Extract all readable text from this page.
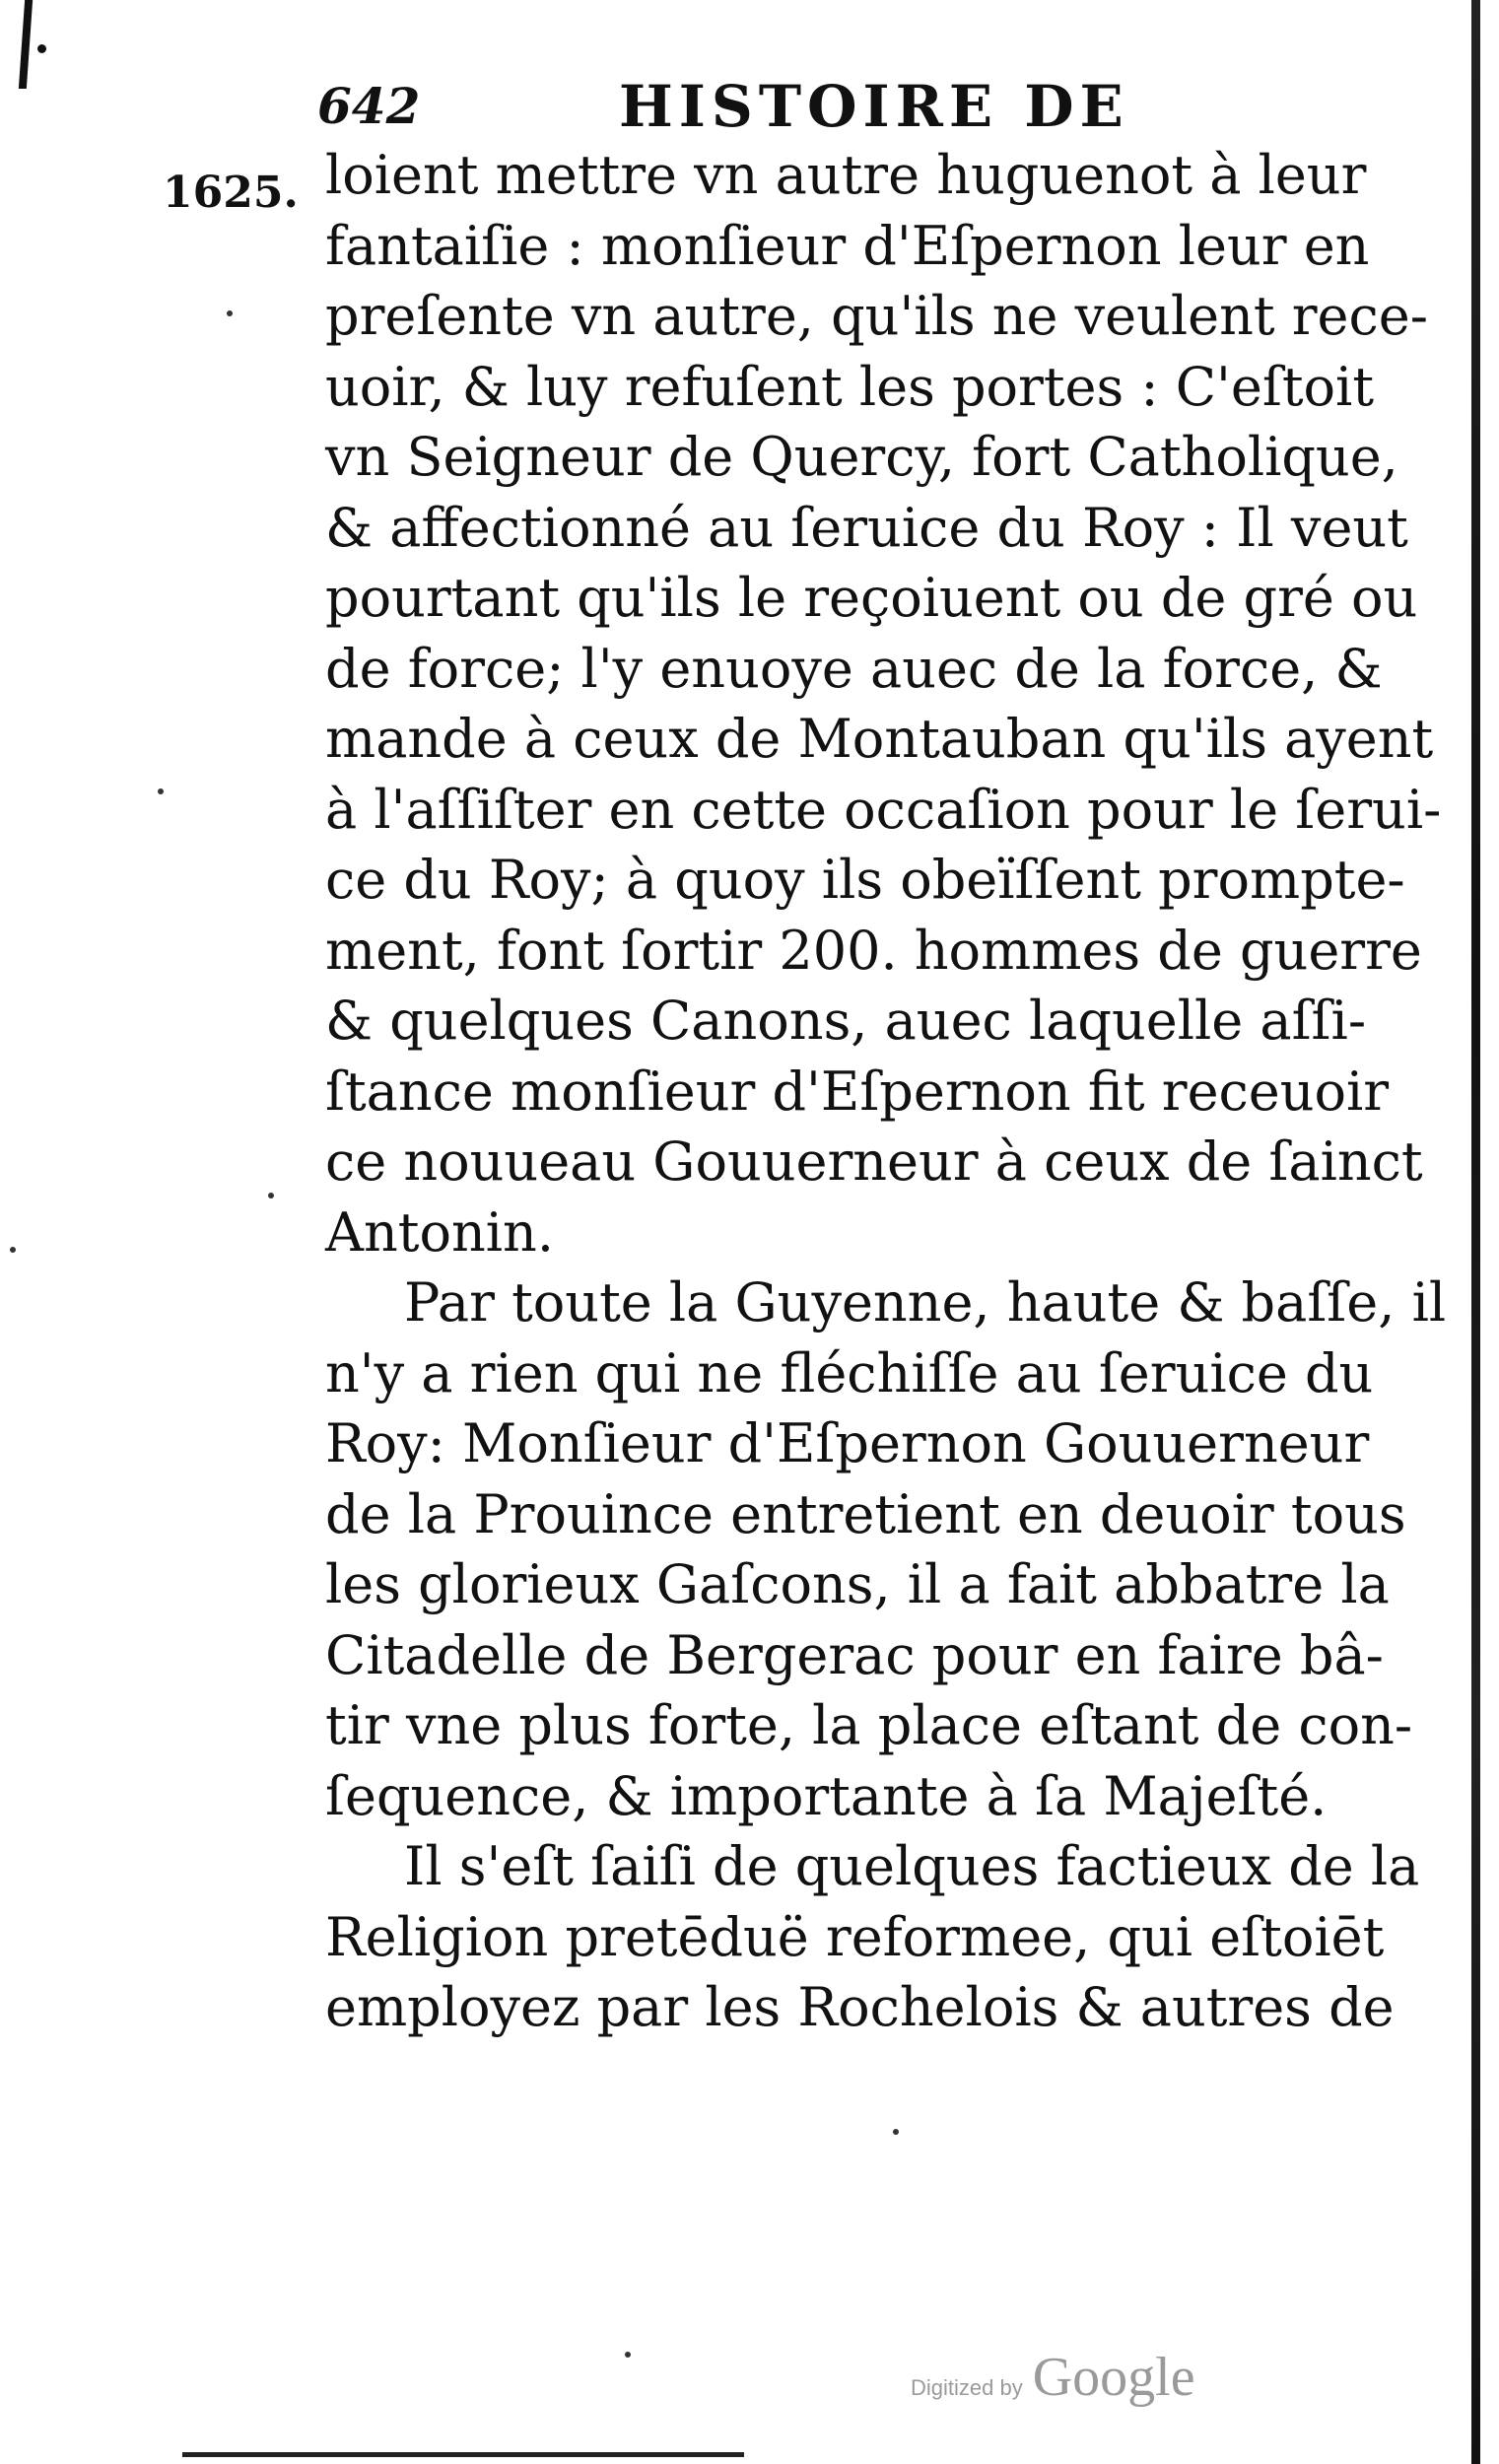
642	HISTOIRE DE
1625. loient mettre vn autre huguenot à leur
fantaiſie : monſieur d'Eſpernon leur en
preſente vn autre, qu'ils ne veulent rece-
uoir, & luy refuſent les portes : C'eſtoit
vn Seigneur de Quercy, fort Catholique,
& affectionné au ſeruice du Roy : Il veut
pourtant qu'ils le reçoiuent ou de gré ou
de force; l'y enuoye auec de la force, &
mande à ceux de Montauban qu'ils ayent
à l'aſſiſter en cette occaſion pour le ſerui-
ce du Roy; à quoy ils obeïſſent prompte-
ment, font ſortir 200. hommes de guerre
& quelques Canons, auec laquelle aſſi-
ſtance monſieur d'Eſpernon fit receuoir
ce nouueau Gouuerneur à ceux de ſainct
Antonin.
Par toute la Guyenne, haute & baſſe, il
n'y a rien qui ne fléchiſſe au ſeruice du
Roy: Monſieur d'Eſpernon Gouuerneur
de la Prouince entretient en deuoir tous
les glorieux Gaſcons, il a fait abbatre la
Citadelle de Bergerac pour en faire bâ-
tir vne plus forte, la place eſtant de con-
ſequence, & importante à ſa Majeſté.
Il s'eſt ſaiſi de quelques factieux de la
Religion pretēduë reformee, qui eſtoiēt
employez par les Rochelois & autres de
Digitized by Google
